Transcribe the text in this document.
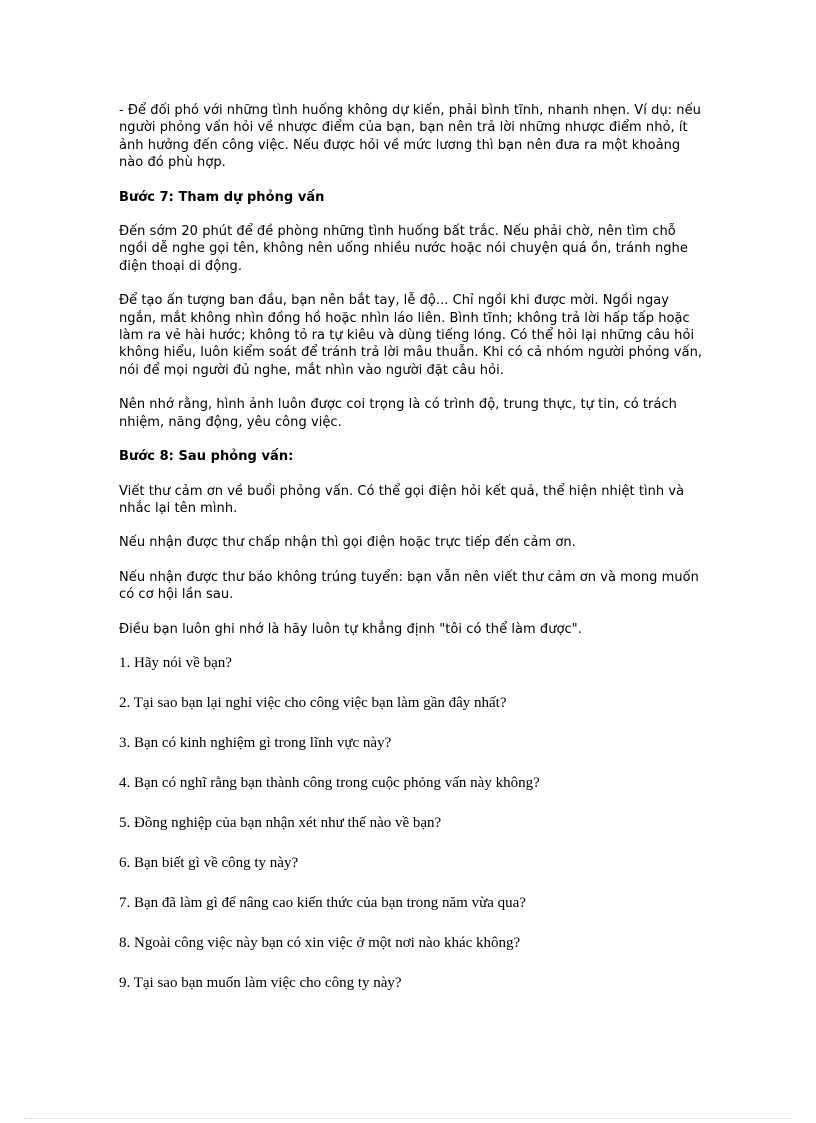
- Để đối phó với những tình huống không dự kiến, phải bình tĩnh, nhanh nhẹn. Ví dụ: nếu người phỏng vấn hỏi về nhược điểm của bạn, bạn nên trả lời những nhược điểm nhỏ, ít ảnh hưởng đến công việc. Nếu được hỏi về mức lương thì bạn nên đưa ra một khoảng nào đó phù hợp.

Bước 7: Tham dự phỏng vấn

Đến sớm 20 phút để đề phòng những tình huống bất trắc. Nếu phải chờ, nên tìm chỗ ngồi dễ nghe gọi tên, không nên uống nhiều nước hoặc nói chuyện quá ồn, tránh nghe điện thoại di động.

Để tạo ấn tượng ban đầu, bạn nên bắt tay, lễ độ... Chỉ ngồi khi được mời. Ngồi ngay ngắn, mắt không nhìn đồng hồ hoặc nhìn láo liên. Bình tĩnh; không trả lời hấp tấp hoặc làm ra vẻ hài hước; không tỏ ra tự kiêu và dùng tiếng lóng. Có thể hỏi lại những câu hỏi không hiểu, luôn kiểm soát để tránh trả lời mâu thuẫn. Khi có cả nhóm người phỏng vấn, nói để mọi người đủ nghe, mắt nhìn vào người đặt câu hỏi.

Nên nhớ rằng, hình ảnh luôn được coi trọng là có trình độ, trung thực, tự tin, có trách nhiệm, năng động, yêu công việc.

Bước 8: Sau phỏng vấn:

Viết thư cảm ơn về buổi phỏng vấn. Có thể gọi điện hỏi kết quả, thể hiện nhiệt tình và nhắc lại tên mình.

Nếu nhận được thư chấp nhận thì gọi điện hoặc trực tiếp đến cảm ơn.

Nếu nhận được thư báo không trúng tuyển: bạn vẫn nên viết thư cảm ơn và mong muốn có cơ hội lần sau.

Điều bạn luôn ghi nhớ là hãy luôn tự khẳng định "tôi có thể làm được".

1. Hãy nói về bạn?
2. Tại sao bạn lại nghỉ việc cho công việc bạn làm gần đây nhất?
3. Bạn có kinh nghiệm gì trong lĩnh vực này?
4. Bạn có nghĩ rằng bạn thành công trong cuộc phỏng vấn này không?
5. Đồng nghiệp của bạn nhận xét như thế nào về bạn?
6. Bạn biết gì về công ty này?
7. Bạn đã làm gì để nâng cao kiến thức của bạn trong năm vừa qua?
8. Ngoài công việc này bạn có xin việc ở một nơi nào khác không?
9. Tại sao bạn muốn làm việc cho công ty này?
